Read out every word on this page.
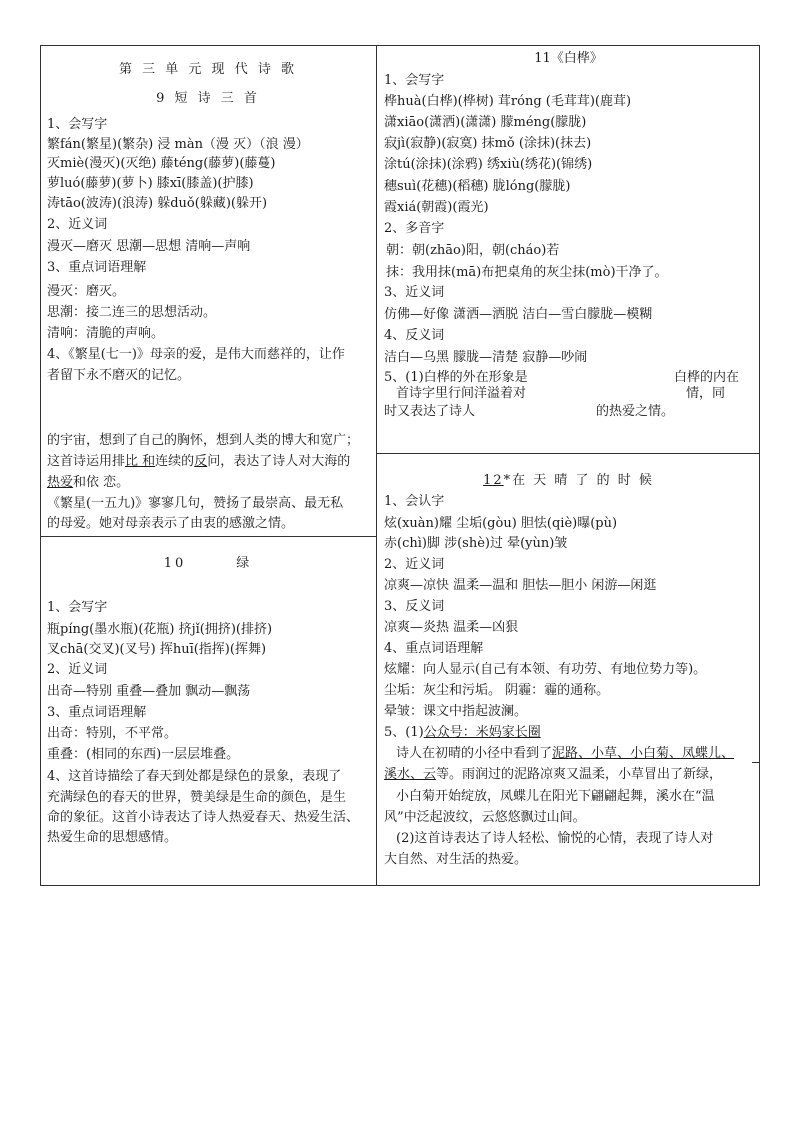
第 三 单 元 现 代 诗 歌
9 短 诗 三 首
1、会写字
繁fán(繁星)(繁杂) 浸 màn（漫 灭）（浪 漫）
灭miè(漫灭)(灭绝) 藤téng(藤萝)(藤蔓)
萝luó(藤萝)(萝卜) 膝xī(膝盖)(护膝)
涛tāo(波涛)(浪涛) 躲duǒ(躲藏)(躲开)
2、近义词
漫灭—磨灭 思潮—思想 清响—声响
3、重点词语理解
漫灭：磨灭。
思潮：接二连三的思想活动。
清响：清脆的声响。
4、《繁星(七一)》母亲的爱，是伟大而慈祥的，让作
者留下永不磨灭的记忆。
的宇宙，想到了自己的胸怀，想到人类的博大和宽广；
这首诗运用排比 和连续的反问，表达了诗人对大海的
热爱和依 恋。
《繁星(一五九)》寥寥几句，赞扬了最崇高、最无私
的母爱。她对母亲表示了由衷的感激之情。
10       绿
1、会写字
瓶píng(墨水瓶)(花瓶) 挤jǐ(拥挤)(排挤)
叉chā(交叉)(叉号) 挥huī(指挥)(挥舞)
2、近义词
出奇—特别 重叠—叠加 飘动—飘荡
3、重点词语理解
出奇：特别，不平常。
重叠：(相同的东西)一层层堆叠。
4、这首诗描绘了春天到处都是绿色的景象，表现了
充满绿色的春天的世界，赞美绿是生命的颜色，是生
命的象征。这首小诗表达了诗人热爱春天、热爱生活、
热爱生命的思想感情。
11《白桦》
1、会写字
桦huà(白桦)(桦树) 茸róng (毛茸茸)(鹿茸)
潇xiāo(潇洒)(潇潇) 朦méng(朦胧)
寂jì(寂静)(寂寞) 抹mǒ (涂抹)(抹去)
涂tú(涂抹)(涂鸦) 绣xiù(绣花)(锦绣)
穗suì(花穗)(稻穗) 胧lóng(朦胧)
霞xiá(朝霞)(霞光)
2、多音字
朝：朝(zhāo)阳，朝(cháo)若
抹：我用抹(mā)布把桌角的灰尘抹(mò)干净了。
3、近义词
仿佛—好像 潇洒—洒脱 洁白—雪白朦胧—模糊
4、反义词
洁白—乌黑 朦胧—清楚 寂静—吵闹
5、(1)白桦的外在形象是	白桦的内在
首诗字里行间洋溢着对	情，同
时又表达了诗人	的热爱之情。
12*在 天 晴 了 的 时 候
1、会认字
炫(xuàn)耀 尘垢(gòu) 胆怯(qiè)曝(pù)
赤(chì)脚 涉(shè)过 晕(yùn)皱
2、近义词
凉爽—凉快 温柔—温和 胆怯—胆小 闲游—闲逛
3、反义词
凉爽—炎热 温柔—凶狠
4、重点词语理解
炫耀：向人显示(自己有本领、有功劳、有地位势力等)。
尘垢：灰尘和污垢。 阴霾：霾的通称。
晕皱：课文中指起波澜。
5、(1)公众号：米妈家长圈
诗人在初晴的小径中看到了泥路、小草、小白菊、凤蝶儿、
溪水、云等。雨润过的泥路凉爽又温柔，小草冒出了新绿，
小白菊开始绽放，凤蝶儿在阳光下翩翩起舞，溪水在“温
风”中泛起波纹，云悠悠飘过山间。
(2)这首诗表达了诗人轻松、愉悦的心情，表现了诗人对
大自然、对生活的热爱。
